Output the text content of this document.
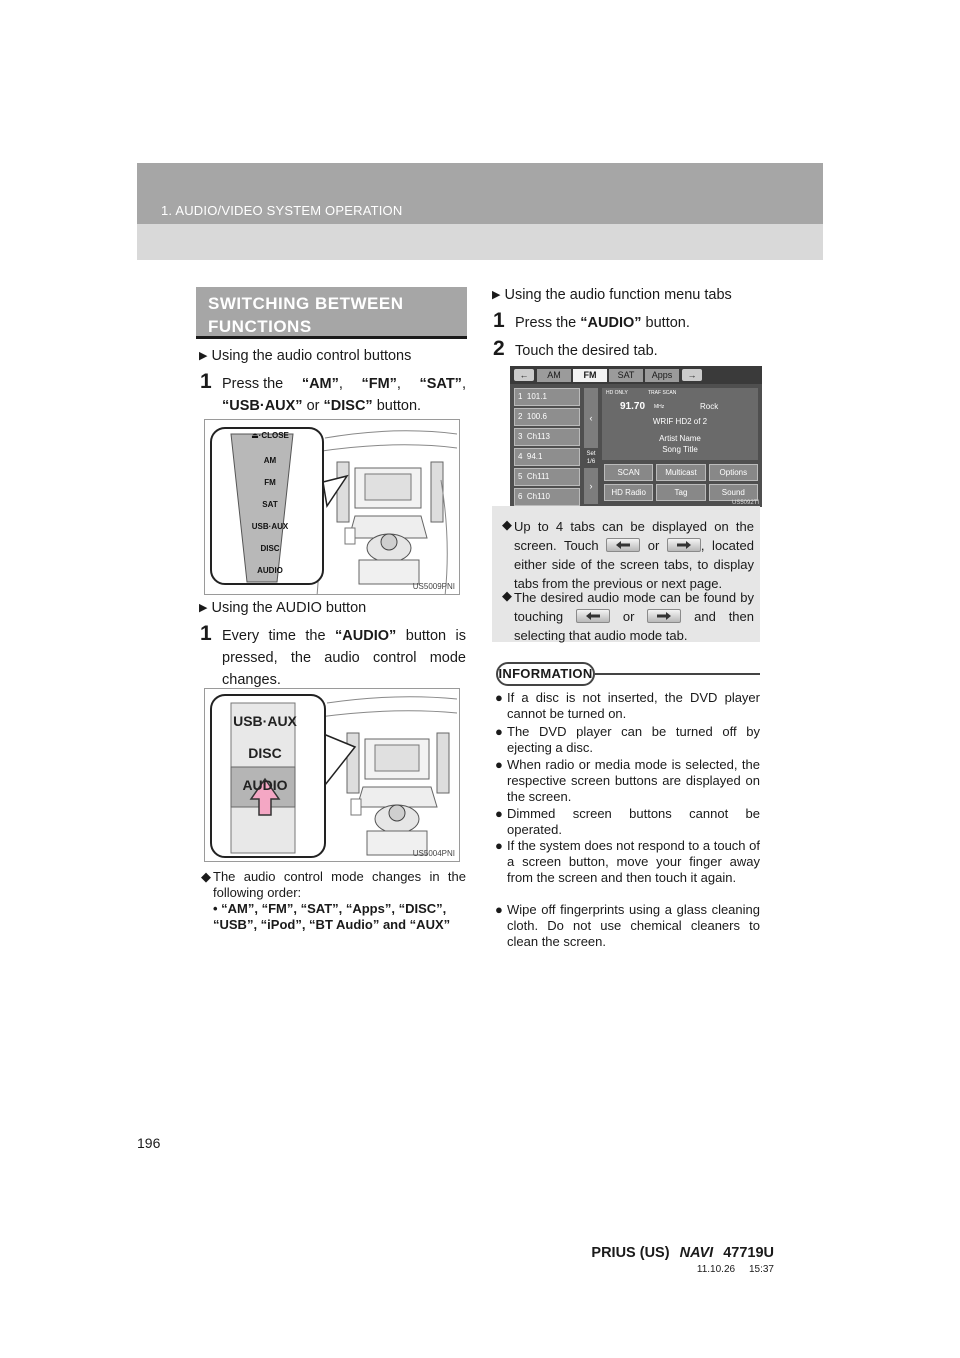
1. AUDIO/VIDEO SYSTEM OPERATION
SWITCHING BETWEEN
FUNCTIONS
▶ Using the audio control buttons
1 Press the “AM”, “FM”, “SAT”,
“USB·AUX” or “DISC” button.
⏏·CLOSE
AM
FM
SAT
USB·AUX
DISC
AUDIO
US5009PNI
▶ Using the AUDIO button
1 Every time the “AUDIO” button is pressed, the audio control mode changes.
USB·AUX
DISC
AUDIO
US5004PNI
◆ The audio control mode changes in the following order:
• “AM”, “FM”, “SAT”, “Apps”, “DISC”, “USB”, “iPod”, “BT Audio” and “AUX”
▶ Using the audio function menu tabs
1 Press the “AUDIO” button.
2 Touch the desired tab.
←	AM	FM	SAT	Apps	→
1 101.1
2 100.6
3 Ch113
4 94.1
5 Ch111
6 Ch110
‹
Set
1/6
›
HD ONLY	TRAF SCAN
91.70 MHz	Rock
WRIF HD2 of 2
Artist Name
Song Title
SCAN	Multicast	Options
HD Radio	Tag	Sound
US5092TI
◆ Up to 4 tabs can be displayed on the screen. Touch	or	, located either side of the screen tabs, to display tabs from the previous or next page.
◆ The desired audio mode can be found by touching	or	and then selecting that audio mode tab.
INFORMATION
● If a disc is not inserted, the DVD player cannot be turned on.
● The DVD player can be turned off by ejecting a disc.
● When radio or media mode is selected, the respective screen buttons are displayed on the screen.
● Dimmed screen buttons cannot be operated.
● If the system does not respond to a touch of a screen button, move your finger away from the screen and then touch it again.
● Wipe off fingerprints using a glass cleaning cloth. Do not use chemical cleaners to clean the screen.
196
PRIUS (US) NAVI 47719U
11.10.26     15:37
